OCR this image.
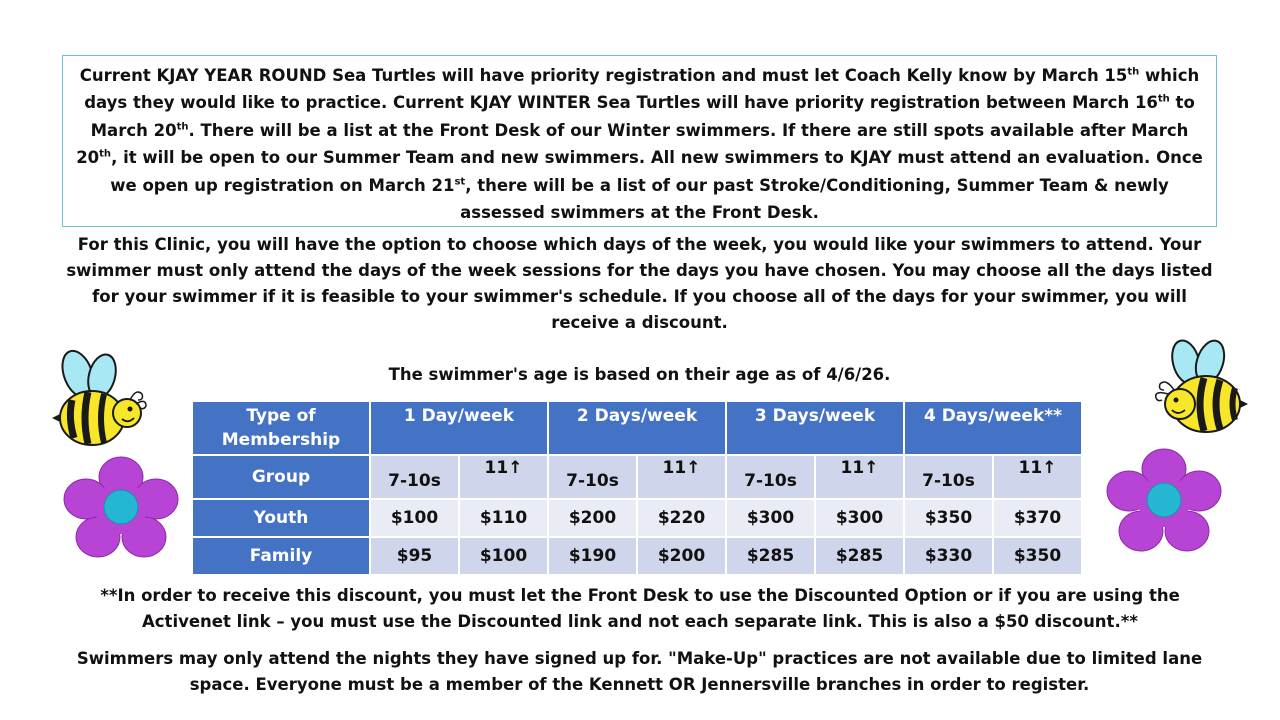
Current KJAY YEAR ROUND Sea Turtles will have priority registration and must let Coach Kelly know by March 15th which days they would like to practice. Current KJAY WINTER Sea Turtles will have priority registration between March 16th to March 20th. There will be a list at the Front Desk of our Winter swimmers. If there are still spots available after March 20th, it will be open to our Summer Team and new swimmers. All new swimmers to KJAY must attend an evaluation. Once we open up registration on March 21st, there will be a list of our past Stroke/Conditioning, Summer Team & newly assessed swimmers at the Front Desk.
For this Clinic, you will have the option to choose which days of the week, you would like your swimmers to attend. Your swimmer must only attend the days of the week sessions for the days you have chosen. You may choose all the days listed for your swimmer if it is feasible to your swimmer's schedule. If you choose all of the days for your swimmer, you will receive a discount.
The swimmer's age is based on their age as of 4/6/26.
Type of Membership	1 Day/week		2 Days/week		3 Days/week		4 Days/week**	
Group	7-10s	11↑	7-10s	11↑	7-10s	11↑	7-10s	11↑
Youth	$100	$110	$200	$220	$300	$300	$350	$370
Family	$95	$100	$190	$200	$285	$285	$330	$350
**In order to receive this discount, you must let the Front Desk to use the Discounted Option or if you are using the Activenet link – you must use the Discounted link and not each separate link. This is also a $50 discount.**
Swimmers may only attend the nights they have signed up for. "Make-Up" practices are not available due to limited lane space. Everyone must be a member of the Kennett OR Jennersville branches in order to register.
